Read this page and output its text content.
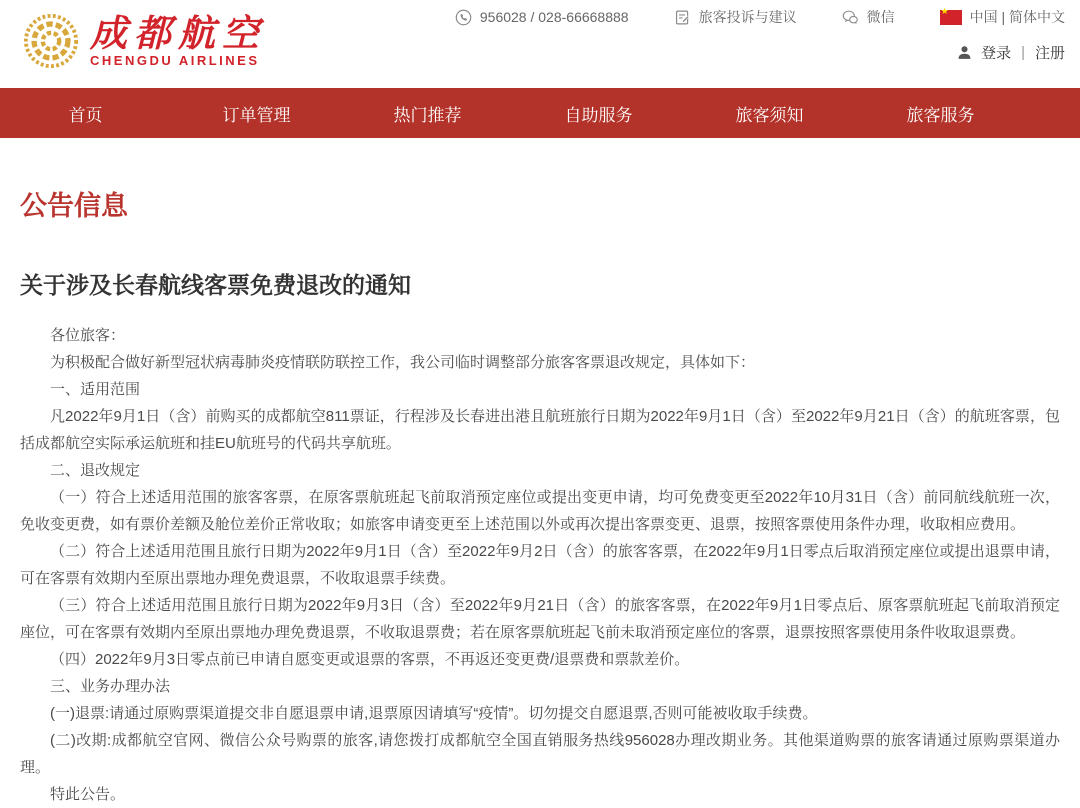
成都航空
CHENGDU AIRLINES
956028 / 028-66668888	旅客投诉与建议	微信	★ 中国 | 简体中文
登录 | 注册
首页	订单管理	热门推荐	自助服务	旅客须知	旅客服务
公告信息
关于涉及长春航线客票免费退改的通知

各位旅客：

为积极配合做好新型冠状病毒肺炎疫情联防联控工作，我公司临时调整部分旅客客票退改规定，具体如下：

一、适用范围

凡2022年9月1日（含）前购买的成都航空811票证，行程涉及长春进出港且航班旅行日期为2022年9月1日（含）至2022年9月21日（含）的航班客票，包括成都航空实际承运航班和挂EU航班号的代码共享航班。

二、退改规定

（一）符合上述适用范围的旅客客票，在原客票航班起飞前取消预定座位或提出变更申请，均可免费变更至2022年10月31日（含）前同航线航班一次，免收变更费，如有票价差额及舱位差价正常收取；如旅客申请变更至上述范围以外或再次提出客票变更、退票，按照客票使用条件办理，收取相应费用。

（二）符合上述适用范围且旅行日期为2022年9月1日（含）至2022年9月2日（含）的旅客客票，在2022年9月1日零点后取消预定座位或提出退票申请，可在客票有效期内至原出票地办理免费退票，不收取退票手续费。

（三）符合上述适用范围且旅行日期为2022年9月3日（含）至2022年9月21日（含）的旅客客票，在2022年9月1日零点后、原客票航班起飞前取消预定座位，可在客票有效期内至原出票地办理免费退票，不收取退票费；若在原客票航班起飞前未取消预定座位的客票，退票按照客票使用条件收取退票费。

（四）2022年9月3日零点前已申请自愿变更或退票的客票，不再返还变更费/退票费和票款差价。

三、业务办理办法

(一)退票:请通过原购票渠道提交非自愿退票申请,退票原因请填写“疫情”。切勿提交自愿退票,否则可能被收取手续费。

(二)改期:成都航空官网、微信公众号购票的旅客,请您拨打成都航空全国直销服务热线956028办理改期业务。其他渠道购票的旅客请通过原购票渠道办理。

特此公告。
